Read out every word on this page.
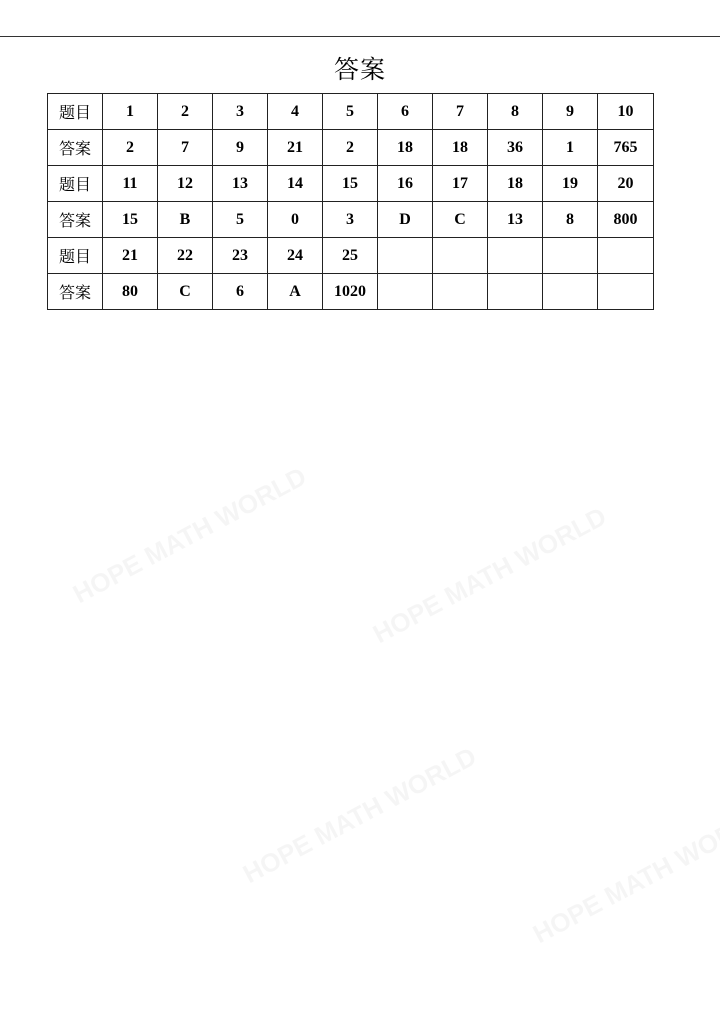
答案
题目	1	2	3	4	5	6	7	8	9	10
答案	2	7	9	21	2	18	18	36	1	765
题目	11	12	13	14	15	16	17	18	19	20
答案	15	B	5	0	3	D	C	13	8	800
题目	21	22	23	24	25					
答案	80	C	6	A	1020					
